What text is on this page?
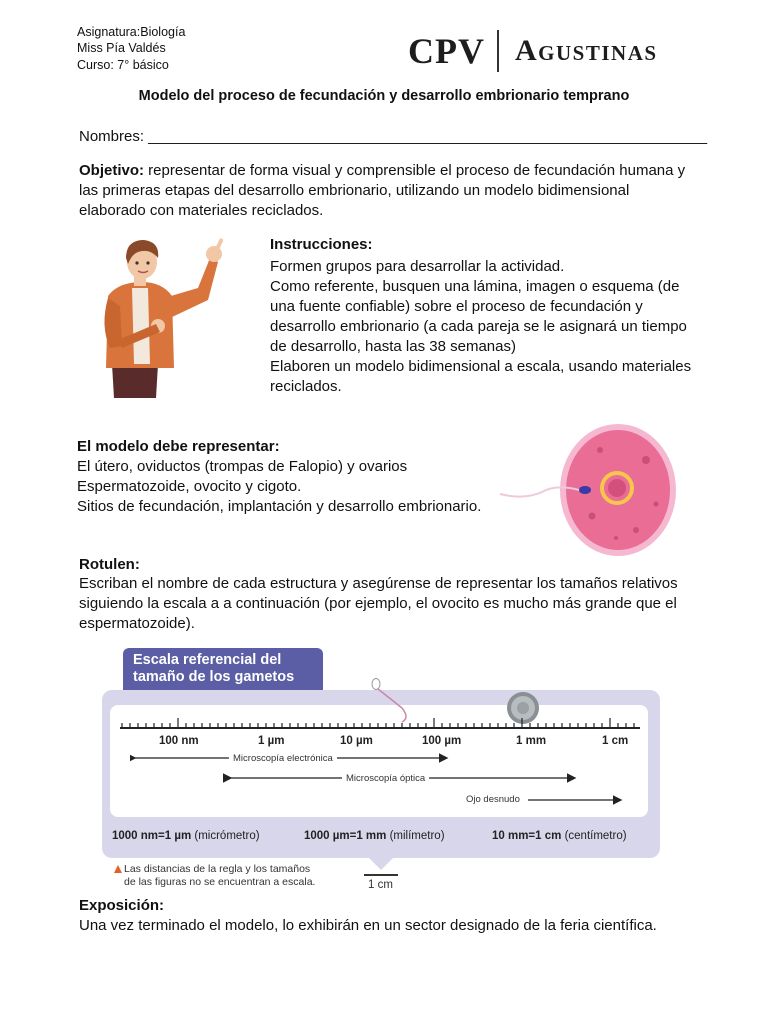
Asignatura:Biología
Miss Pía Valdés
Curso: 7° básico	CPV Agustinas
Modelo del proceso de fecundación y desarrollo embrionario temprano
Nombres: ___________________________________________________________________
Objetivo: representar de forma visual y comprensible el proceso de fecundación humana y las primeras etapas del desarrollo embrionario, utilizando un modelo bidimensional elaborado con materiales reciclados.
Instrucciones:
Formen grupos para desarrollar la actividad.
Como referente, busquen una lámina, imagen o esquema (de una fuente confiable) sobre el proceso de fecundación y desarrollo embrionario (a cada pareja se le asignará un tiempo de desarrollo, hasta las 38 semanas)
Elaboren un modelo bidimensional a escala, usando materiales reciclados.
El modelo debe representar:
El útero, oviductos (trompas de Falopio) y ovarios
Espermatozoide, ovocito y cigoto.
Sitios de fecundación, implantación y desarrollo embrionario.
Rotulen:
Escriban el nombre de cada estructura y asegúrense de representar los tamaños relativos siguiendo la escala a a continuación (por ejemplo, el ovocito es mucho más grande que el espermatozoide).
Escala referencial del
tamaño de los gametos
100 nm	1 µm	10 µm	100 µm	1 mm	1 cm
Microscopía electrónica
Microscopía óptica
Ojo desnudo
1000 nm=1 µm (micrómetro)	1000 µm=1 mm (milímetro)	10 mm=1 cm (centímetro)
Las distancias de la regla y los tamaños
de las figuras no se encuentran a escala.	1 cm
Exposición:
Una vez terminado el modelo, lo exhibirán en un sector designado de la feria científica.
